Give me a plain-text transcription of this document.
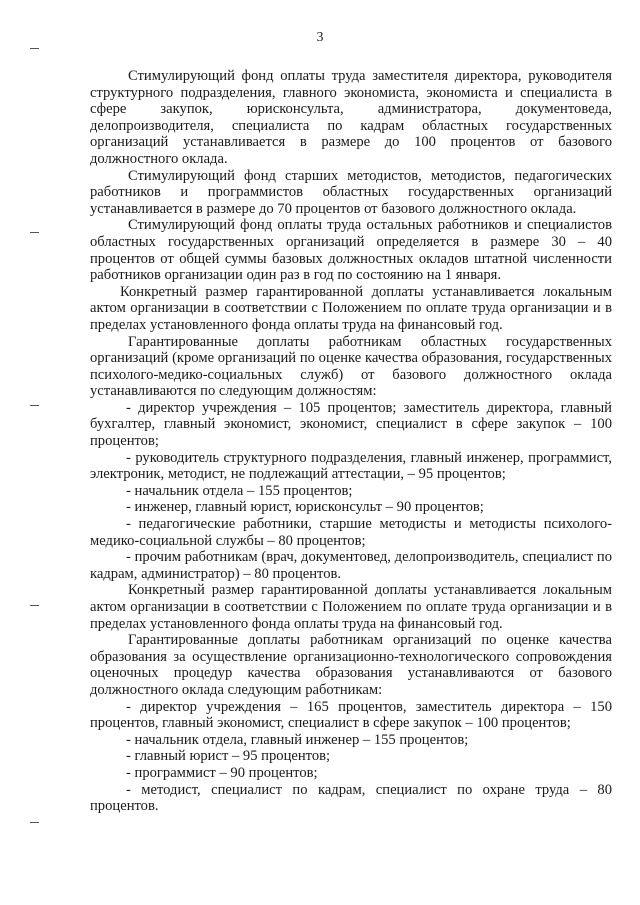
3

Стимулирующий фонд оплаты труда заместителя директора, руководителя структурного подразделения, главного экономиста, экономиста и специалиста в сфере закупок, юрисконсульта, администратора, документоведа, делопроизводителя, специалиста по кадрам областных государственных организаций устанавливается в размере до 100 процентов от базового должностного оклада.

Стимулирующий фонд старших методистов, методистов, педагогических работников и программистов областных государственных организаций устанавливается в размере до 70 процентов от базового должностного оклада.

Стимулирующий фонд оплаты труда остальных работников и специалистов областных государственных организаций определяется в размере 30 – 40 процентов от общей суммы базовых должностных окладов штатной численности работников организации один раз в год по состоянию на 1 января.

Конкретный размер гарантированной доплаты устанавливается локальным актом организации в соответствии с Положением по оплате труда организации и в пределах установленного фонда оплаты труда на финансовый год.

Гарантированные доплаты работникам областных государственных организаций (кроме организаций по оценке качества образования, государственных психолого-медико-социальных служб) от базового должностного оклада устанавливаются по следующим должностям:

- директор учреждения – 105 процентов; заместитель директора, главный бухгалтер, главный экономист, экономист, специалист в сфере закупок – 100 процентов;

- руководитель структурного подразделения, главный инженер, программист, электроник, методист, не подлежащий аттестации, – 95 процентов;

- начальник отдела – 155 процентов;

- инженер, главный юрист, юрисконсульт – 90 процентов;

- педагогические работники, старшие методисты и методисты психолого-медико-социальной службы – 80 процентов;

- прочим работникам (врач, документовед, делопроизводитель, специалист по кадрам, администратор) – 80 процентов.

Конкретный размер гарантированной доплаты устанавливается локальным актом организации в соответствии с Положением по оплате труда организации и в пределах установленного фонда оплаты труда на финансовый год.

Гарантированные доплаты работникам организаций по оценке качества образования за осуществление организационно-технологического сопровождения оценочных процедур качества образования устанавливаются от базового должностного оклада следующим работникам:

- директор учреждения – 165 процентов, заместитель директора – 150 процентов, главный экономист, специалист в сфере закупок – 100 процентов;

- начальник отдела, главный инженер – 155 процентов;

- главный юрист – 95 процентов;

- программист – 90 процентов;

- методист, специалист по кадрам, специалист по охране труда – 80 процентов.
